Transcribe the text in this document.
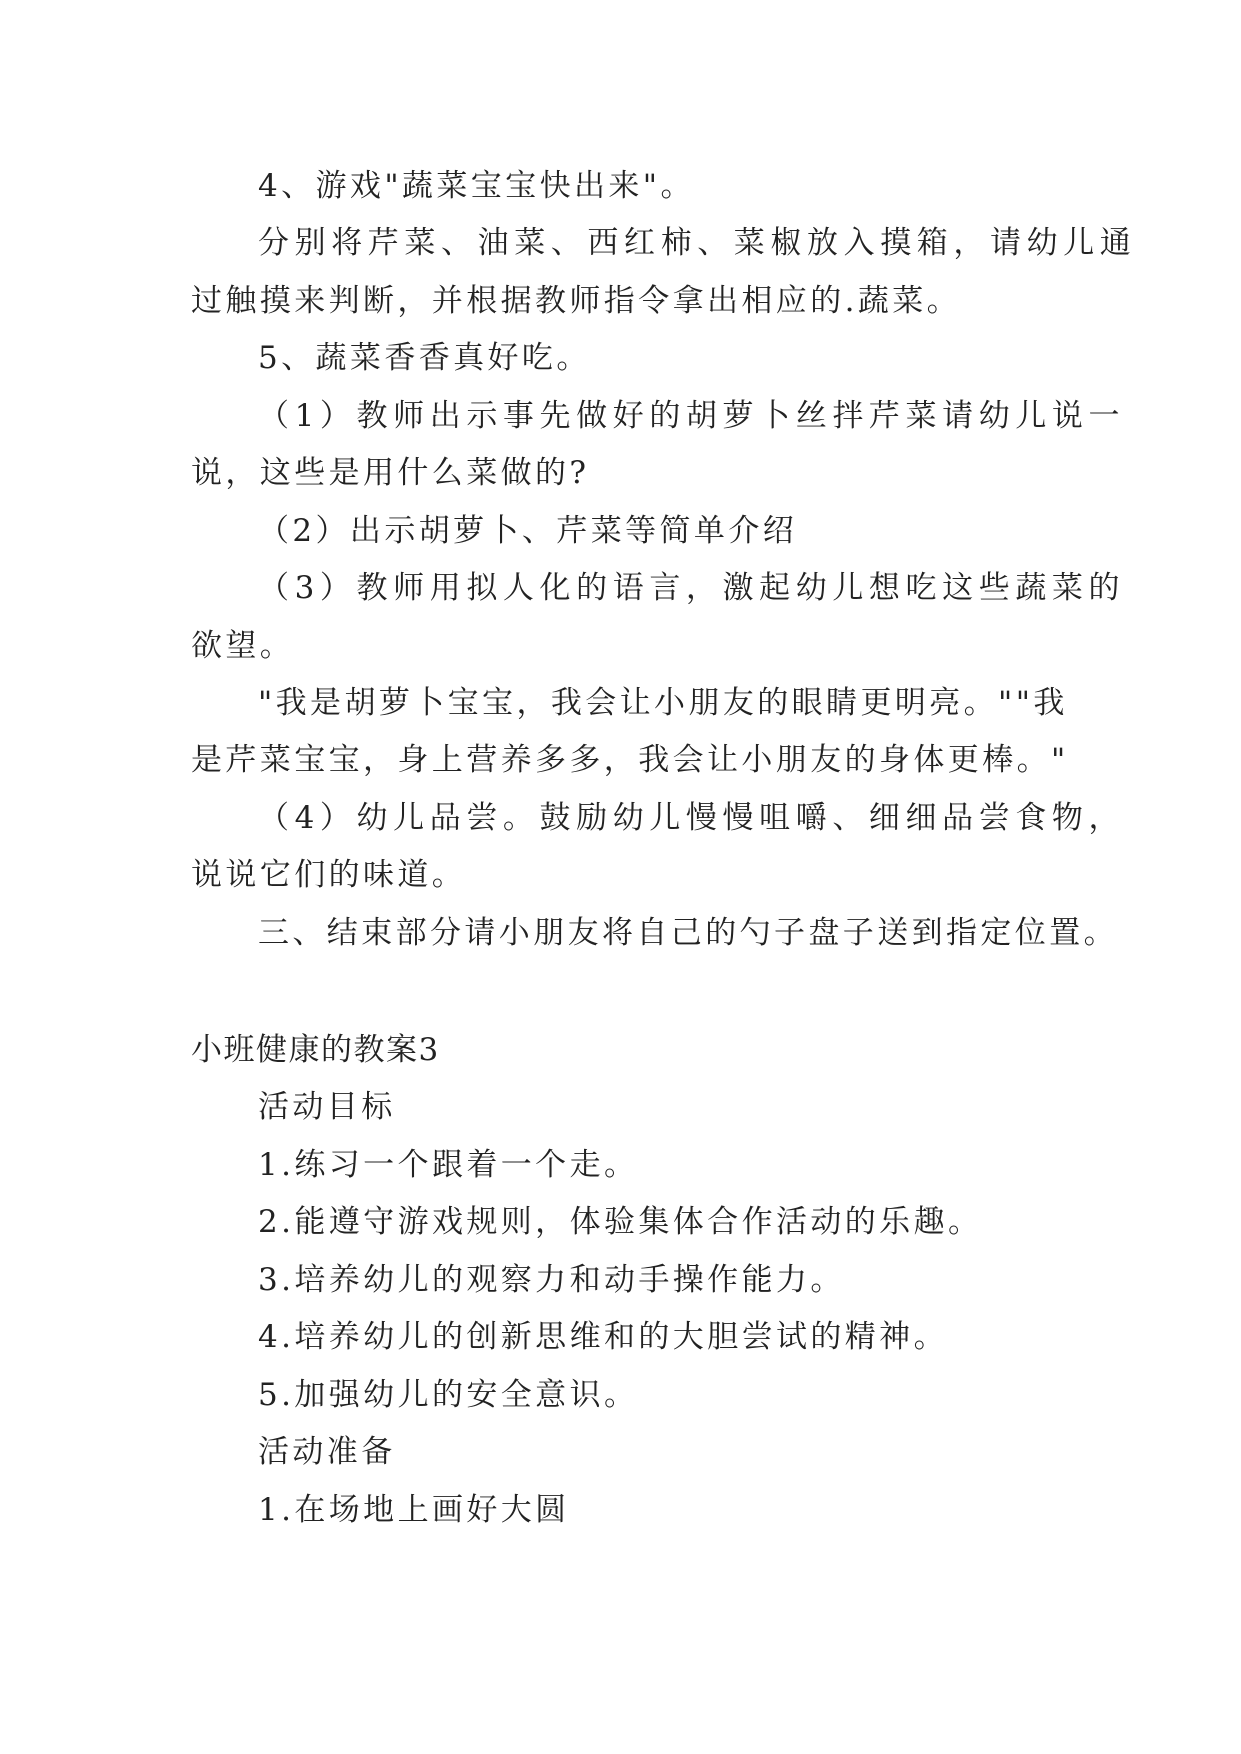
4、游戏"蔬菜宝宝快出来"。
分别将芹菜、油菜、西红柿、菜椒放入摸箱，请幼儿通
过触摸来判断，并根据教师指令拿出相应的.蔬菜。
5、蔬菜香香真好吃。
（1）教师出示事先做好的胡萝卜丝拌芹菜请幼儿说一
说，这些是用什么菜做的?
（2）出示胡萝卜、芹菜等简单介绍
（3）教师用拟人化的语言，激起幼儿想吃这些蔬菜的
欲望。
"我是胡萝卜宝宝，我会让小朋友的眼睛更明亮。""我
是芹菜宝宝，身上营养多多，我会让小朋友的身体更棒。"
（4）幼儿品尝。鼓励幼儿慢慢咀嚼、细细品尝食物，
说说它们的味道。
三、结束部分请小朋友将自己的勺子盘子送到指定位置。
小班健康的教案3
活动目标
1.练习一个跟着一个走。
2.能遵守游戏规则，体验集体合作活动的乐趣。
3.培养幼儿的观察力和动手操作能力。
4.培养幼儿的创新思维和的大胆尝试的精神。
5.加强幼儿的安全意识。
活动准备
1.在场地上画好大圆
